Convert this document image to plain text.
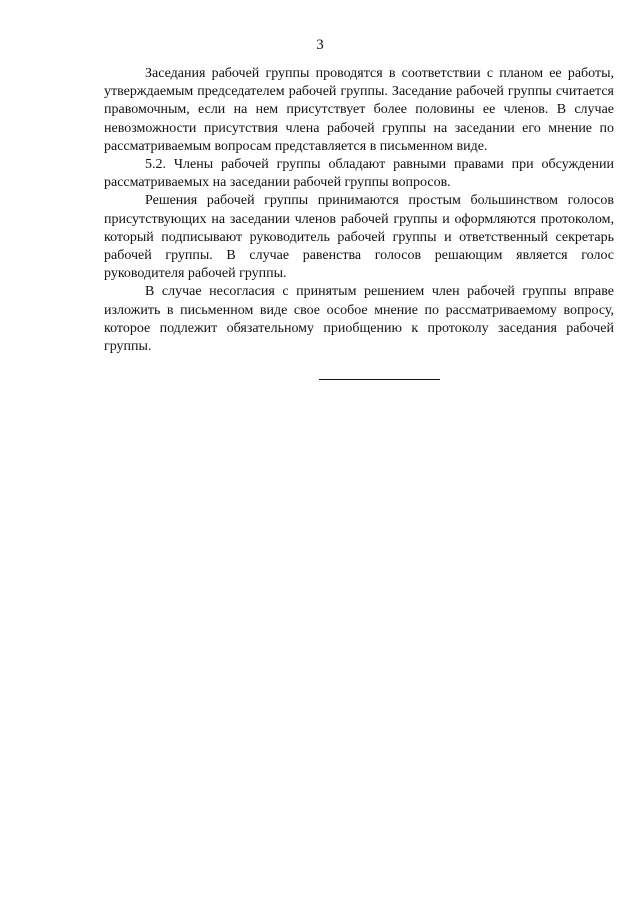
3

Заседания рабочей группы проводятся в соответствии с планом ее работы, утверждаемым председателем рабочей группы. Заседание рабочей группы считается правомочным, если на нем присутствует более половины ее членов. В случае невозможности присутствия члена рабочей группы на заседании его мнение по рассматриваемым вопросам представляется в письменном виде.

5.2. Члены рабочей группы обладают равными правами при обсуждении рассматриваемых на заседании рабочей группы вопросов.

Решения рабочей группы принимаются простым большинством голосов присутствующих на заседании членов рабочей группы и оформляются протоколом, который подписывают руководитель рабочей группы и ответственный секретарь рабочей группы. В случае равенства голосов решающим является голос руководителя рабочей группы.

В случае несогласия с принятым решением член рабочей группы вправе изложить в письменном виде свое особое мнение по рассматриваемому вопросу, которое подлежит обязательному приобщению к протоколу заседания рабочей группы.
